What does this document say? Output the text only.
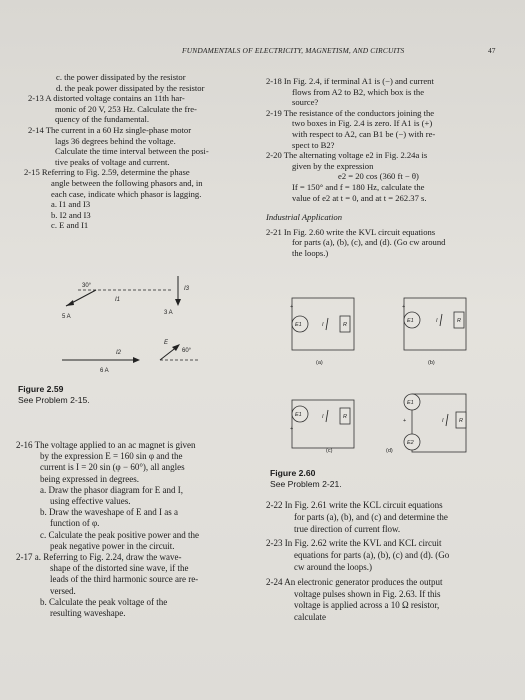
FUNDAMENTALS OF ELECTRICITY, MAGNETISM, AND CIRCUITS	47
c. the power dissipated by the resistor
d. the peak power dissipated by the resistor
2-13 A distorted voltage contains an 11th har-
monic of 20 V, 253 Hz. Calculate the fre-
quency of the fundamental.
2-14 The current in a 60 Hz single-phase motor
lags 36 degrees behind the voltage.
Calculate the time interval between the posi-
tive peaks of voltage and current.
2-15 Referring to Fig. 2.59, determine the phase
angle between the following phasors and, in
each case, indicate which phasor is lagging.
a. I1 and I3
b. I2 and I3
c. E and I1
30°
I1
5 A
3 A
I3
I2
6 A
E
60°
Figure 2.59
See Problem 2-15.
2-16 The voltage applied to an ac magnet is given
by the expression E = 160 sin φ and the
current is I = 20 sin (φ − 60°), all angles
being expressed in degrees.
a. Draw the phasor diagram for E and I,
using effective values.
b. Draw the waveshape of E and I as a
function of φ.
c. Calculate the peak positive power and the
peak negative power in the circuit.
2-17 a. Referring to Fig. 2.24, draw the wave-
shape of the distorted sine wave, if the
leads of the third harmonic source are re-
versed.
b. Calculate the peak voltage of the
resulting waveshape.
2-18 In Fig. 2.4, if terminal A1 is (−) and current
flows from A2 to B2, which box is the
source?
2-19 The resistance of the conductors joining the
two boxes in Fig. 2.4 is zero. If A1 is (+)
with respect to A2, can B1 be (−) with re-
spect to B2?
2-20 The alternating voltage e2 in Fig. 2.24a is
given by the expression
e2 = 20 cos (360 ft − θ)
If = 150° and f = 180 Hz, calculate the
value of e2 at t = 0, and at t = 262.37 s.
Industrial Application
2-21 In Fig. 2.60 write the KVL circuit equations
for parts (a), (b), (c), and (d). (Go cw around
the loops.)
E1
+
R
I
(a)
E1
+
R
I
(b)
E1
+
R
I
(c)
E1
E2
+	R
I
(d)
Figure 2.60
See Problem 2-21.
2-22 In Fig. 2.61 write the KCL circuit equations
for parts (a), (b), and (c) and determine the
true direction of current flow.
2-23 In Fig. 2.62 write the KVL and KCL circuit
equations for parts (a), (b), (c) and (d). (Go
cw around the loops.)
2-24 An electronic generator produces the output
voltage pulses shown in Fig. 2.63. If this
voltage is applied across a 10 Ω resistor,
calculate
